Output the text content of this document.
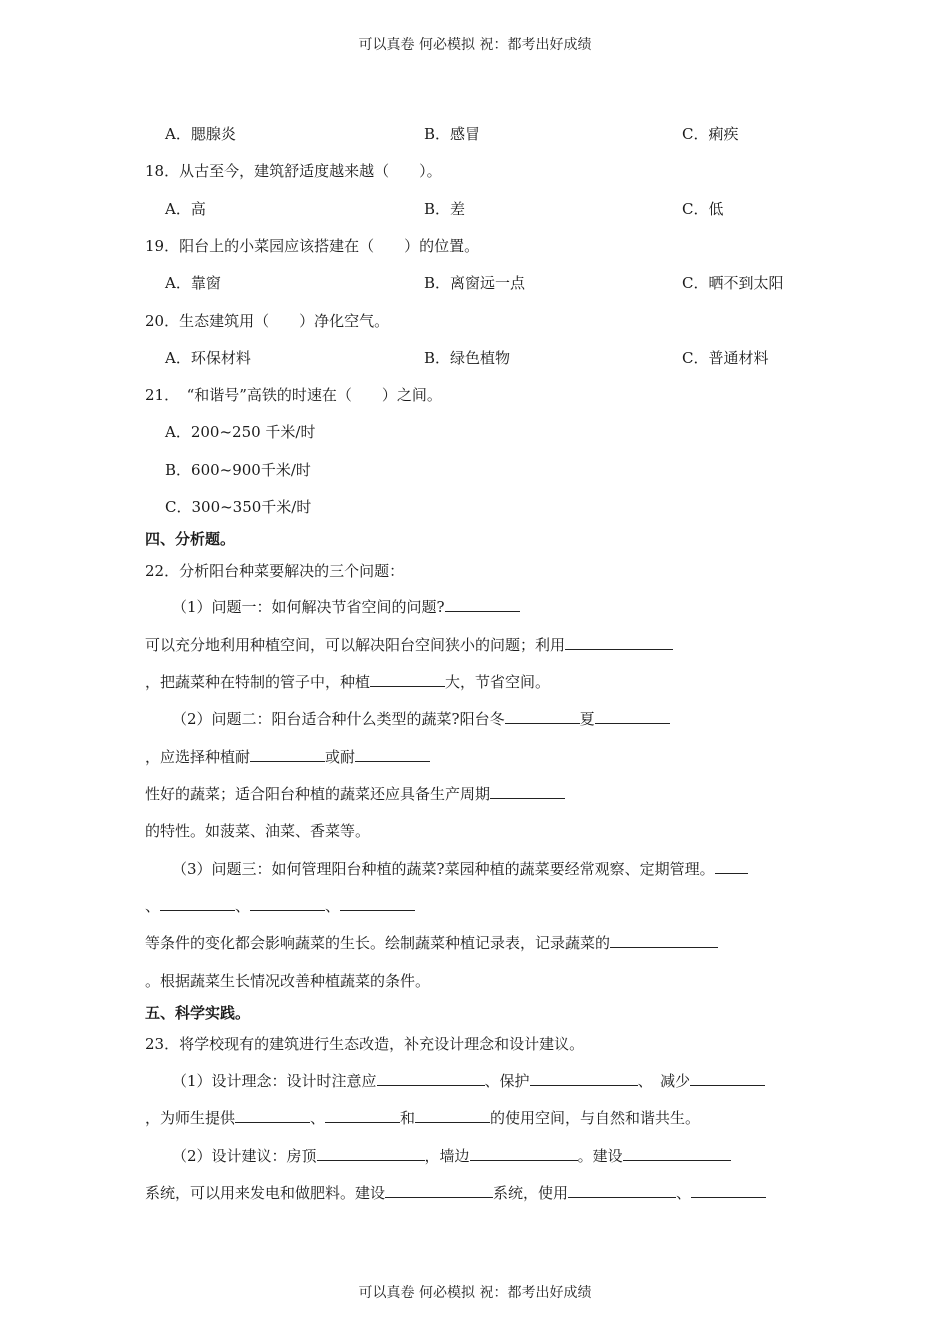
可以真卷 何必模拟 祝：都考出好成绩
A．腮腺炎	B．感冒	C．痢疾
18．从古至今，建筑舒适度越来越（　　）。
A．高	B．差	C．低
19．阳台上的小菜园应该搭建在（　　）的位置。
A．靠窗	B．离窗远一点	C．晒不到太阳
20．生态建筑用（　　）净化空气。
A．环保材料	B．绿色植物	C．普通材料
21．　“和谐号”高铁的时速在（　　）之间。
A．200~250 千米/时
B．600~900千米/时
C．300~350千米/时
四、分析题。
22．分析阳台种菜要解决的三个问题：
（1）问题一：如何解决节省空间的问题?
可以充分地利用种植空间，可以解决阳台空间狭小的问题；利用
，把蔬菜种在特制的管子中，种植	大，节省空间。
（2）问题二：阳台适合种什么类型的蔬菜?阳台冬	夏
，应选择种植耐	或耐
性好的蔬菜；适合阳台种植的蔬菜还应具备生产周期
的特性。如菠菜、油菜、香菜等。
（3）问题三：如何管理阳台种植的蔬菜?菜园种植的蔬菜要经常观察、定期管理。
、	、	、
等条件的变化都会影响蔬菜的生长。绘制蔬菜种植记录表，记录蔬菜的
。根据蔬菜生长情况改善种植蔬菜的条件。
五、科学实践。
23．将学校现有的建筑进行生态改造，补充设计理念和设计建议。
（1）设计理念：设计时注意应	、保护	、　减少
，为师生提供	、	和	的使用空间，与自然和谐共生。
（2）设计建议：房顶	，墙边	。建设
系统，可以用来发电和做肥料。建设	系统，使用	、
可以真卷 何必模拟 祝：都考出好成绩
